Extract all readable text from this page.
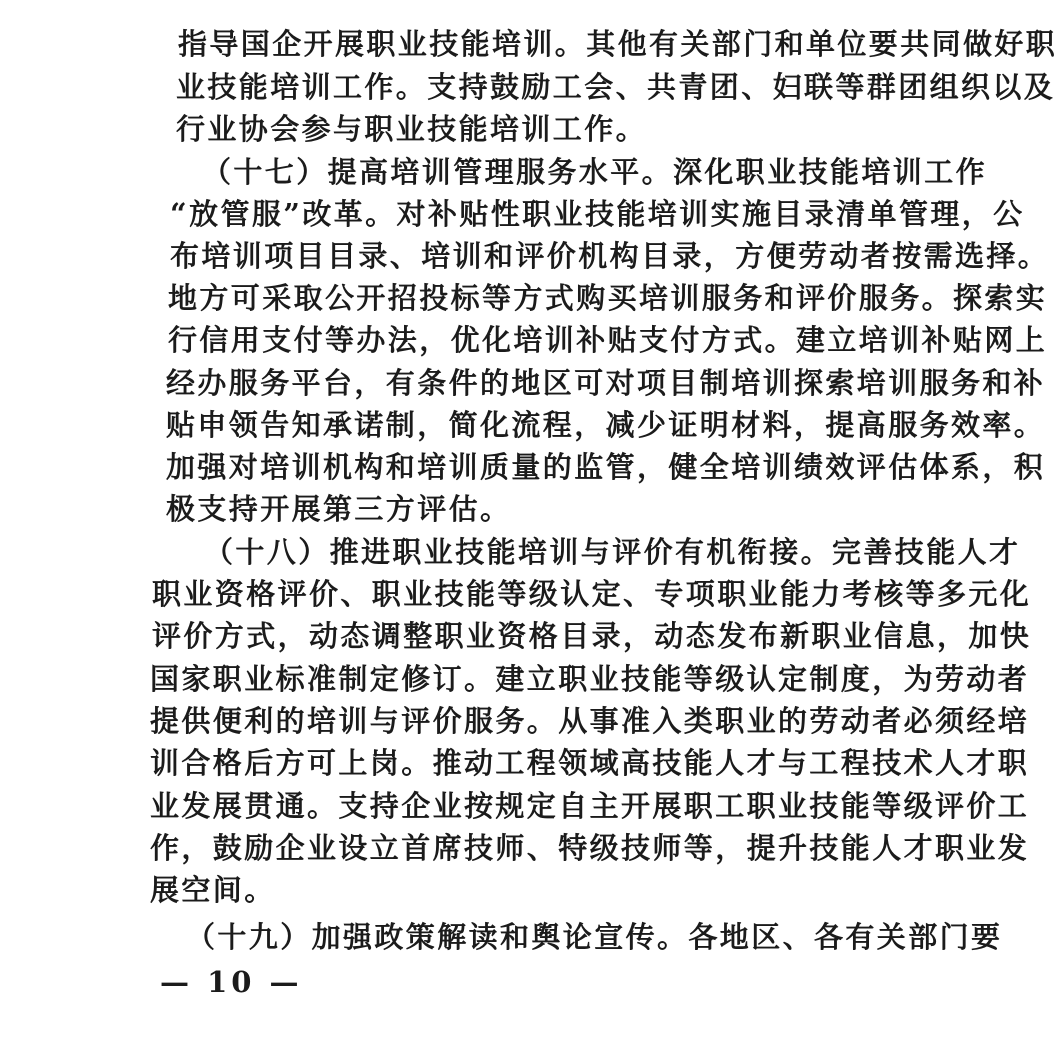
指导国企开展职业技能培训。其他有关部门和单位要共同做好职
业技能培训工作。支持鼓励工会、共青团、妇联等群团组织以及
行业协会参与职业技能培训工作。
（十七）提高培训管理服务水平。深化职业技能培训工作
“放管服”改革。对补贴性职业技能培训实施目录清单管理，公
布培训项目目录、培训和评价机构目录，方便劳动者按需选择。
地方可采取公开招投标等方式购买培训服务和评价服务。探索实
行信用支付等办法，优化培训补贴支付方式。建立培训补贴网上
经办服务平台，有条件的地区可对项目制培训探索培训服务和补
贴申领告知承诺制，简化流程，减少证明材料，提高服务效率。
加强对培训机构和培训质量的监管，健全培训绩效评估体系，积
极支持开展第三方评估。
（十八）推进职业技能培训与评价有机衔接。完善技能人才
职业资格评价、职业技能等级认定、专项职业能力考核等多元化
评价方式，动态调整职业资格目录，动态发布新职业信息，加快
国家职业标准制定修订。建立职业技能等级认定制度，为劳动者
提供便利的培训与评价服务。从事准入类职业的劳动者必须经培
训合格后方可上岗。推动工程领域高技能人才与工程技术人才职
业发展贯通。支持企业按规定自主开展职工职业技能等级评价工
作，鼓励企业设立首席技师、特级技师等，提升技能人才职业发
展空间。
（十九）加强政策解读和舆论宣传。各地区、各有关部门要
— 10 —
